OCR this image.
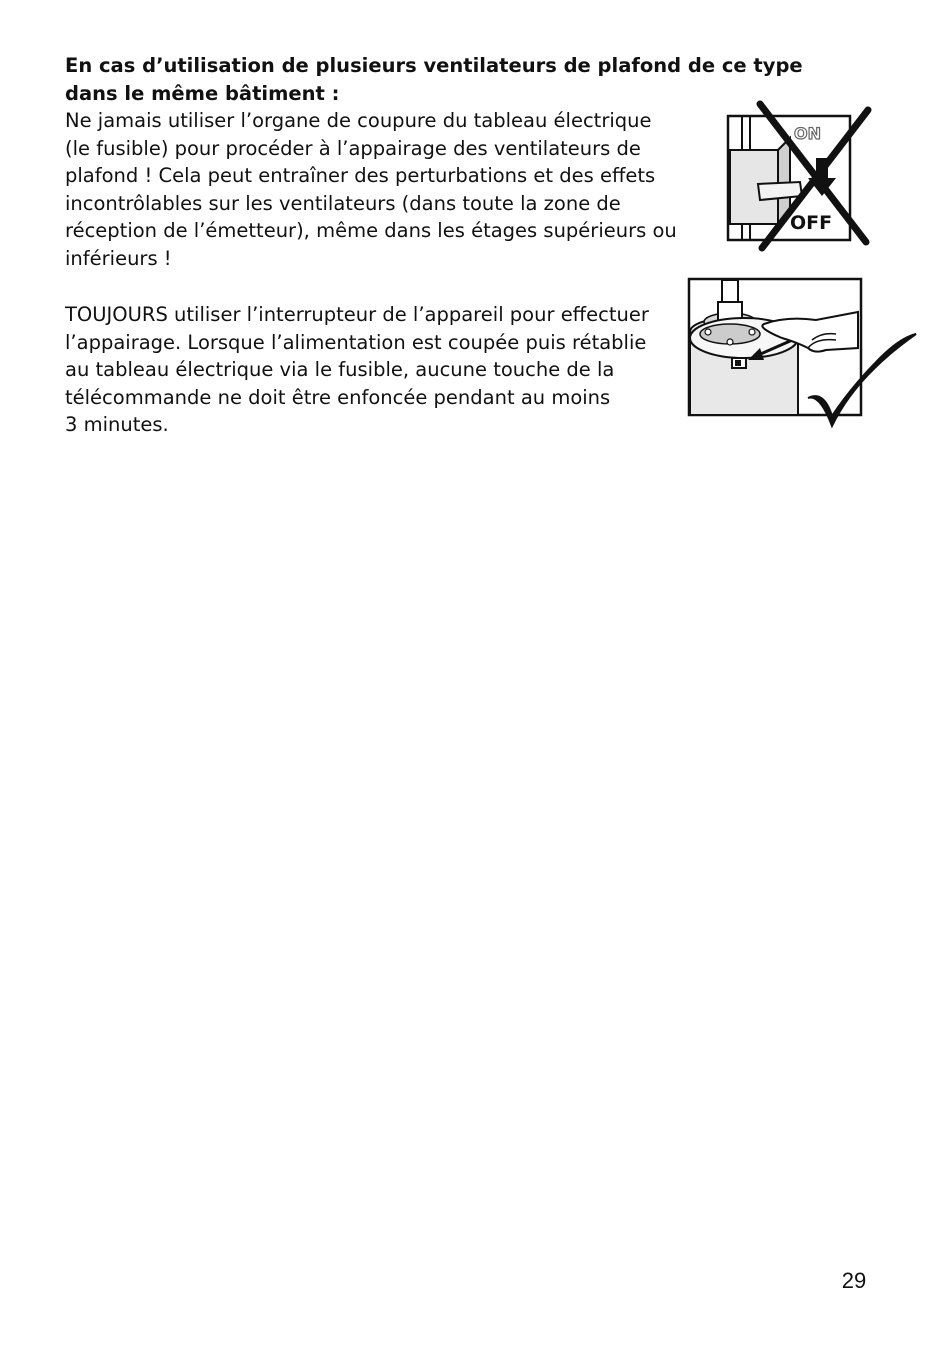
En cas d’utilisation de plusieurs ventilateurs de plafond de ce type dans le même bâtiment :

Ne jamais utiliser l’organe de coupure du tableau électrique
(le fusible) pour procéder à l’appairage des ventilateurs de
plafond ! Cela peut entraîner des perturbations et des effets
incontrôlables sur les ventilateurs (dans toute la zone de
réception de l’émetteur), même dans les étages supérieurs ou
inférieurs !

TOUJOURS utiliser l’interrupteur de l’appareil pour effectuer
l’appairage. Lorsque l’alimentation est coupée puis rétablie
au tableau électrique via le fusible, aucune touche de la
télécommande ne doit être enfoncée pendant au moins
3 minutes.

ON
OFF
29
